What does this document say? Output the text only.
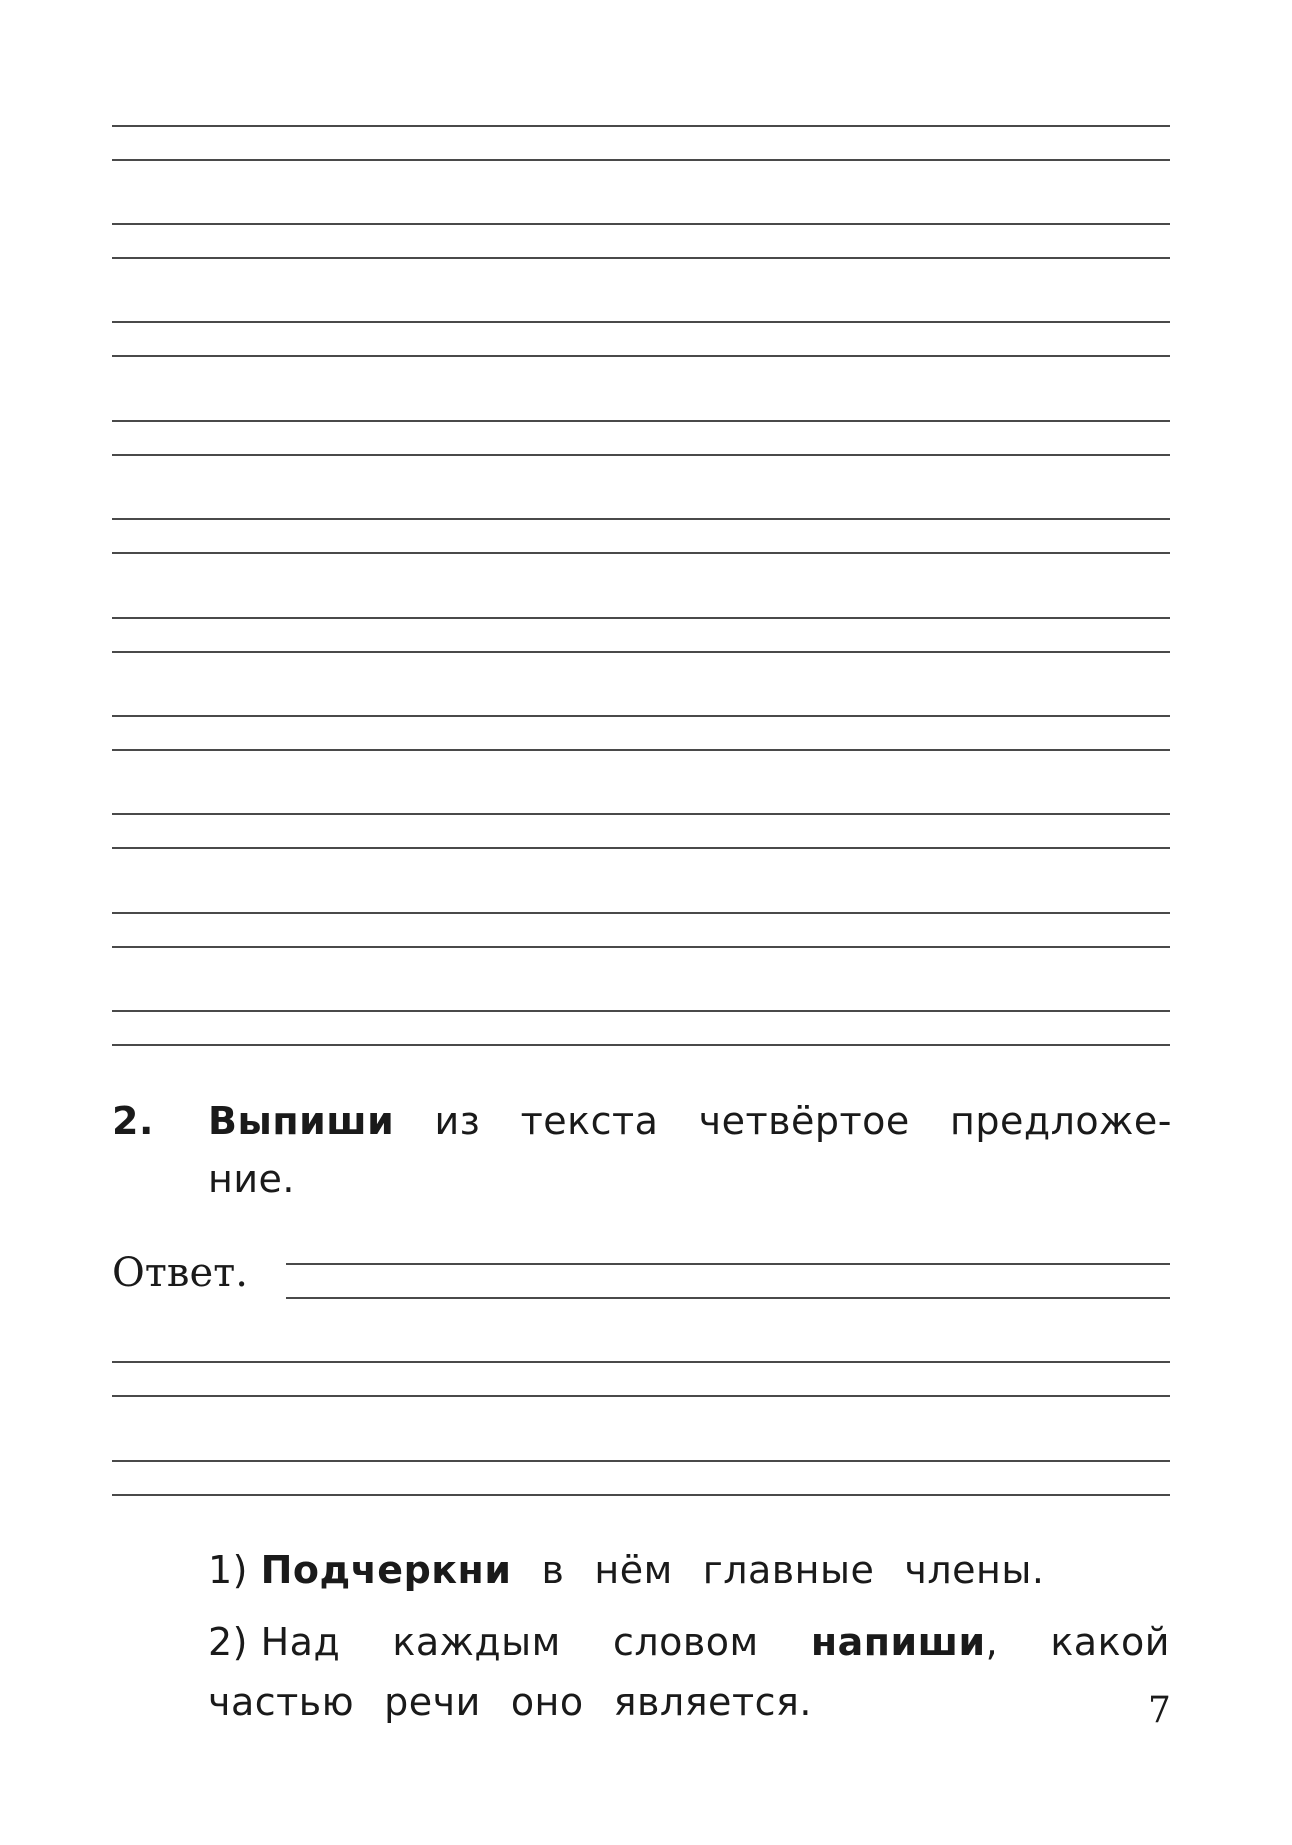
2. Выпиши из текста четвёртое предложе-
ние.
Ответ.
1) Подчеркни в нём главные члены.
2) Над каждым словом напиши, какой
частью речи оно является.	7
